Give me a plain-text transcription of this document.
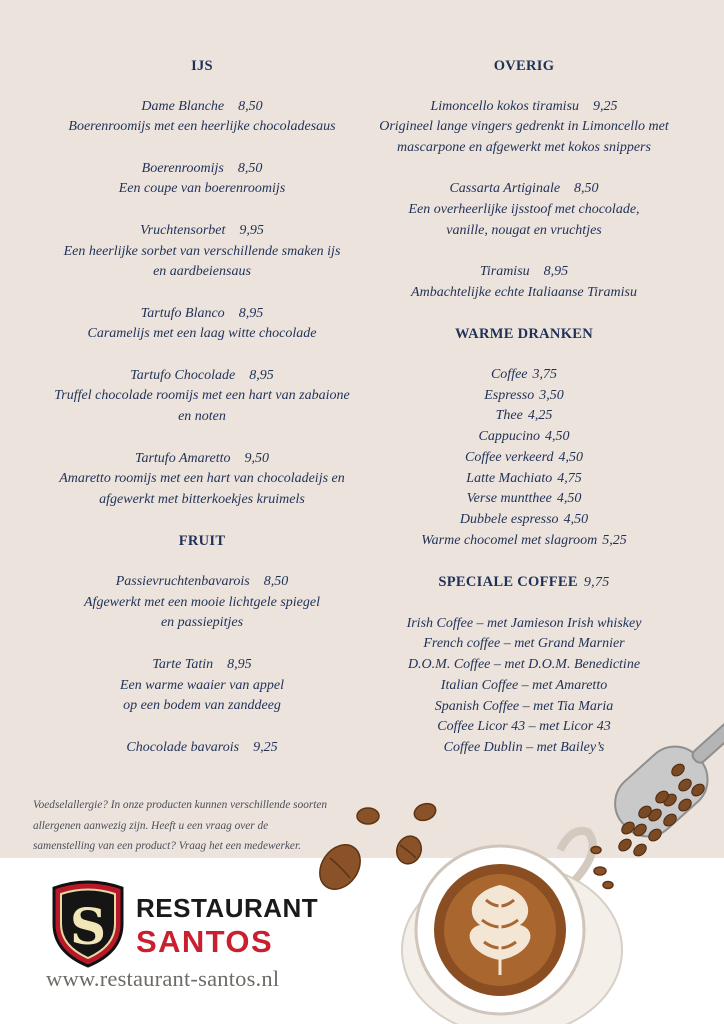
IJS
Dame Blanche 8,50
Boerenroomijs met een heerlijke chocoladesaus
Boerenroomijs 8,50
Een coupe van boerenroomijs
Vruchtensorbet 9,95
Een heerlijke sorbet van verschillende smaken ijs
en aardbeiensaus
Tartufo Blanco 8,95
Caramelijs met een laag witte chocolade
Tartufo Chocolade 8,95
Truffel chocolade roomijs met een hart van zabaione
en noten
Tartufo Amaretto 9,50
Amaretto roomijs met een hart van chocoladeijs en
afgewerkt met bitterkoekjes kruimels
FRUIT
Passievruchtenbavarois 8,50
Afgewerkt met een mooie lichtgele spiegel
en passiepitjes
Tarte Tatin 8,95
Een warme waaier van appel
op een bodem van zanddeeg
Chocolade bavarois 9,25
OVERIG
Limoncello kokos tiramisu 9,25
Origineel lange vingers gedrenkt in Limoncello met
mascarpone en afgewerkt met kokos snippers
Cassarta Artiginale 8,50
Een overheerlijke ijsstoof met chocolade,
vanille, nougat en vruchtjes
Tiramisu 8,95
Ambachtelijke echte Italiaanse Tiramisu
WARME DRANKEN
Coffee 3,75
Espresso 3,50
Thee 4,25
Cappucino 4,50
Coffee verkeerd 4,50
Latte Machiato 4,75
Verse muntthee 4,50
Dubbele espresso 4,50
Warme chocomel met slagroom 5,25
SPECIALE COFFEE 9,75
Irish Coffee – met Jamieson Irish whiskey
French coffee – met Grand Marnier
D.O.M. Coffee – met D.O.M. Benedictine
Italian Coffee – met Amaretto
Spanish Coffee – met Tia Maria
Coffee Licor 43 – met Licor 43
Coffee Dublin – met Bailey’s
Voedselallergie? In onze producten kunnen verschillende soorten
allergenen aanwezig zijn. Heeft u een vraag over de
samenstelling van een product? Vraag het een medewerker.
S RESTAURANT
SANTOS
www.restaurant-santos.nl
